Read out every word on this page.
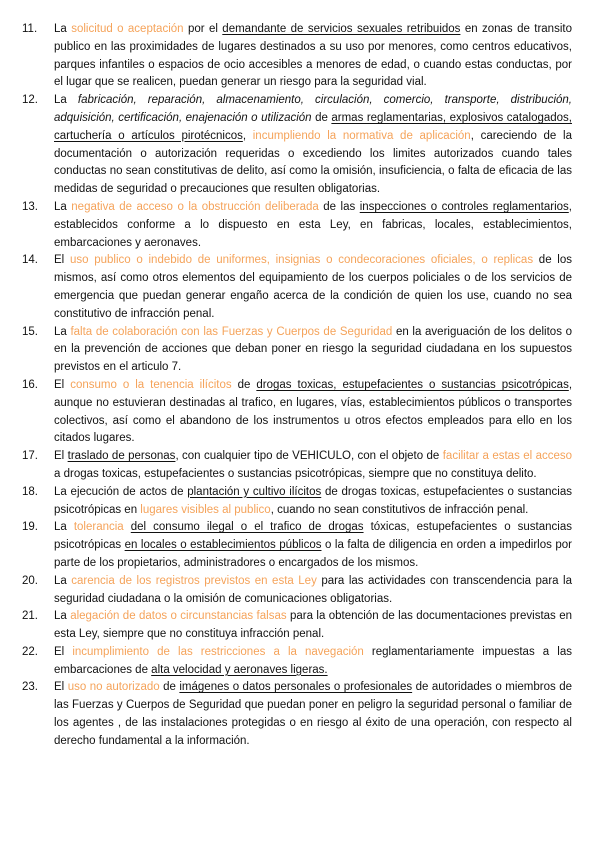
11.	La solicitud o aceptación por el demandante de servicios sexuales retribuidos en zonas de transito publico en las proximidades de lugares destinados a su uso por menores, como centros educativos, parques infantiles o espacios de ocio accesibles a menores de edad, o cuando estas conductas, por el lugar que se realicen, puedan generar un riesgo para la seguridad vial.
12.	La fabricación, reparación, almacenamiento, circulación, comercio, transporte, distribución, adquisición, certificación, enajenación o utilización de armas reglamentarias, explosivos catalogados, cartuchería o artículos pirotécnicos, incumpliendo la normativa de aplicación, careciendo de la documentación o autorización requeridas o excediendo los limites autorizados cuando tales conductas no sean constitutivas de delito, así como la omisión, insuficiencia, o falta de eficacia de las medidas de seguridad o precauciones que resulten obligatorias.
13.	La negativa de acceso o la obstrucción deliberada de las inspecciones o controles reglamentarios, establecidos conforme a lo dispuesto en esta Ley, en fabricas, locales, establecimientos, embarcaciones y aeronaves.
14.	El uso publico o indebido de uniformes, insignias o condecoraciones oficiales, o replicas de los mismos, así como otros elementos del equipamiento de los cuerpos policiales o de los servicios de emergencia que puedan generar engaño acerca de la condición de quien los use, cuando no sea constitutivo de infracción penal.
15.	La falta de colaboración con las Fuerzas y Cuerpos de Seguridad en la averiguación de los delitos o en la prevención de acciones que deban poner en riesgo la seguridad ciudadana en los supuestos previstos en el articulo 7.
16.	El consumo o la tenencia ilícitos de drogas toxicas, estupefacientes o sustancias psicotrópicas, aunque no estuvieran destinadas al trafico, en lugares, vías, establecimientos públicos o transportes colectivos, así como el abandono de los instrumentos u otros efectos empleados para ello en los citados lugares.
17.	El traslado de personas, con cualquier tipo de VEHICULO, con el objeto de facilitar a estas el acceso a drogas toxicas, estupefacientes o sustancias psicotrópicas, siempre que no constituya delito.
18.	La ejecución de actos de plantación y cultivo ilícitos de drogas toxicas, estupefacientes o sustancias psicotrópicas en lugares visibles al publico, cuando no sean constitutivos de infracción penal.
19.	La tolerancia del consumo ilegal o el trafico de drogas tóxicas, estupefacientes o sustancias psicotrópicas en locales o establecimientos públicos o la falta de diligencia en orden a impedirlos por parte de los propietarios, administradores o encargados de los mismos.
20.	La carencia de los registros previstos en esta Ley para las actividades con transcendencia para la seguridad ciudadana o la omisión de comunicaciones obligatorias.
21.	La alegación de datos o circunstancias falsas para la obtención de las documentaciones previstas en esta Ley, siempre que no constituya infracción penal.
22.	El incumplimiento de las restricciones a la navegación reglamentariamente impuestas a las embarcaciones de alta velocidad y aeronaves ligeras.
23.	El uso no autorizado de imágenes o datos personales o profesionales de autoridades o miembros de las Fuerzas y Cuerpos de Seguridad que puedan poner en peligro la seguridad personal o familiar de los agentes , de las instalaciones protegidas o en riesgo al éxito de una operación, con respecto al derecho fundamental a la información.
